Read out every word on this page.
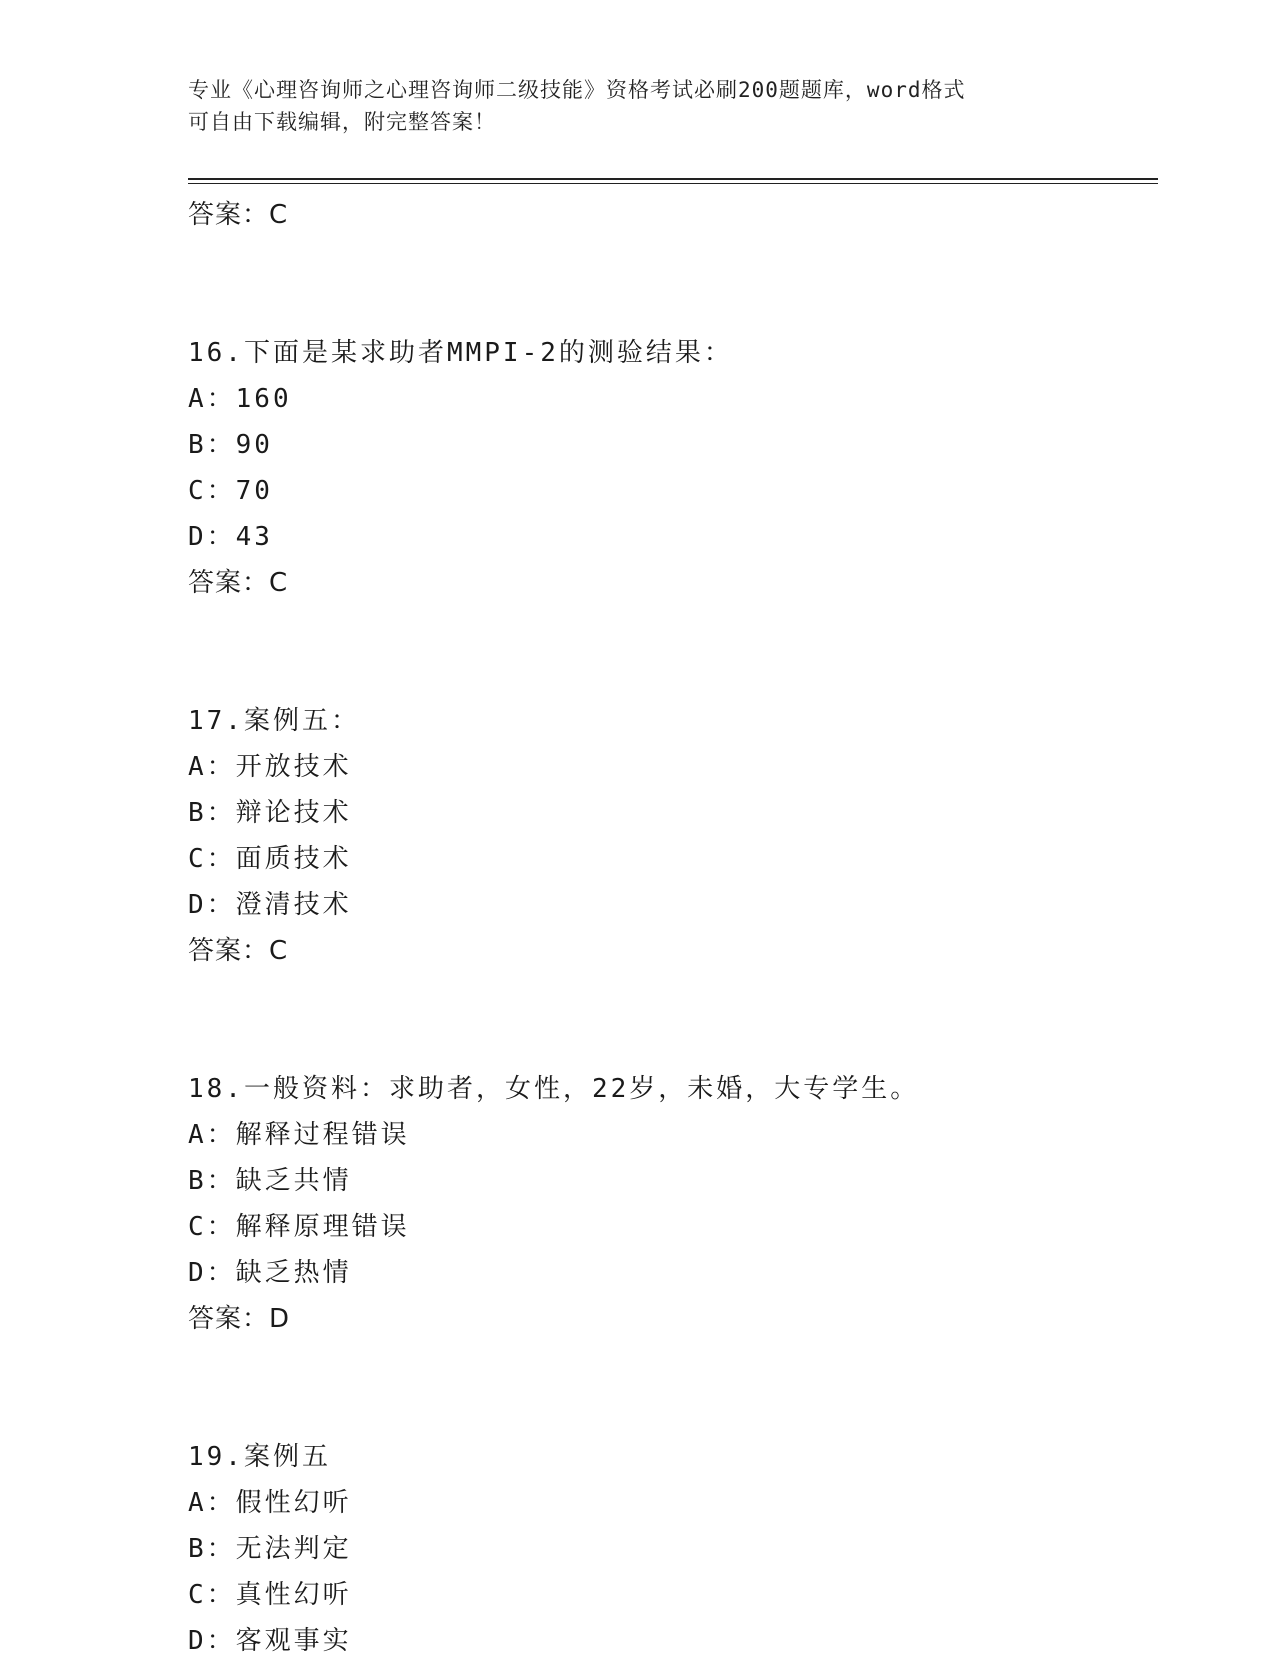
专业《心理咨询师之心理咨询师二级技能》资格考试必刷200题题库，word格式
可自由下载编辑，附完整答案！
答案：C
16.下面是某求助者MMPI-2的测验结果：
A：160
B：90
C：70
D：43
答案：C
17.案例五：
A：开放技术
B：辩论技术
C：面质技术
D：澄清技术
答案：C
18.一般资料：求助者，女性，22岁，未婚，大专学生。
A：解释过程错误
B：缺乏共情
C：解释原理错误
D：缺乏热情
答案：D
19.案例五
A：假性幻听
B：无法判定
C：真性幻听
D：客观事实
